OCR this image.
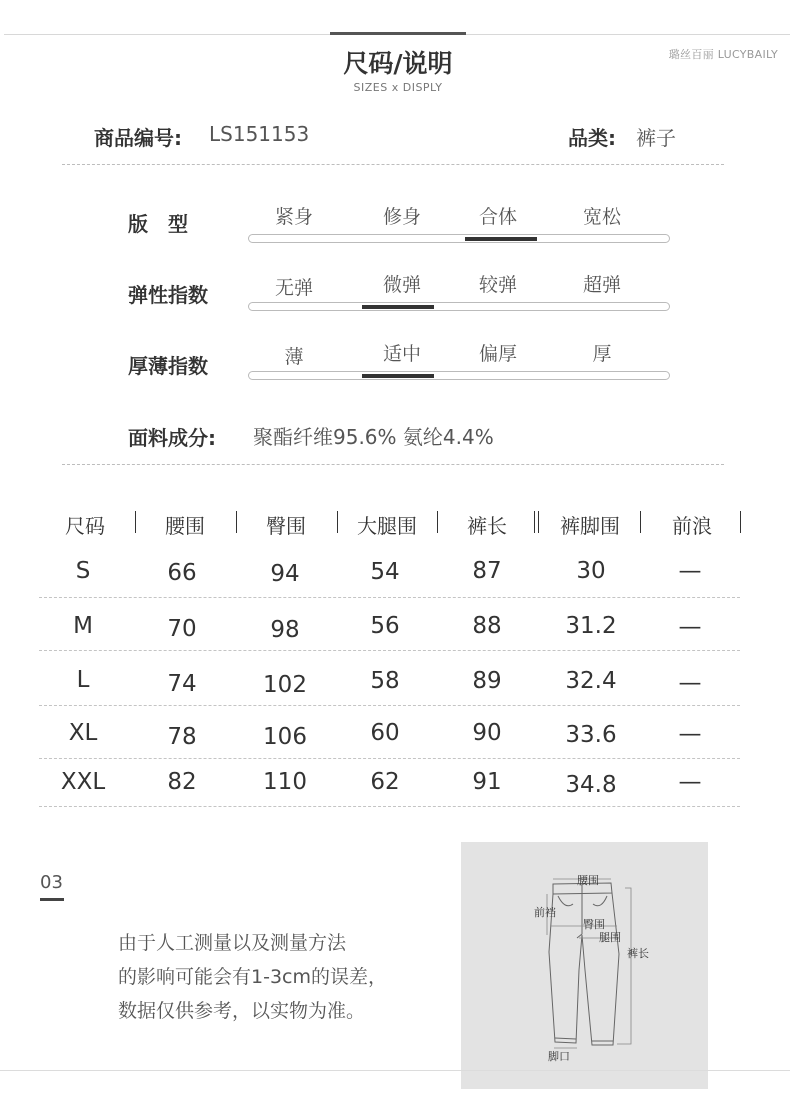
尺码/说明
SIZES x DISPLY
璐丝百丽 LUCYBAILY
商品编号: LS151153	品类: 裤子
版　型	紧身	修身	合体	宽松
弹性指数	无弹	微弹	较弹	超弹
厚薄指数	薄	适中	偏厚	厚
面料成分: 聚酯纤维95.6% 氨纶4.4%
尺码	腰围	臀围	大腿围	裤长	裤脚围	前浪
S	66	94	54	87	30	—
M	70	98	56	88	31.2	—
L	74	102	58	89	32.4	—
XL	78	106	60	90	33.6	—
XXL	82	110	62	91	34.8	—
03
由于人工测量以及测量方法
的影响可能会有1-3cm的误差，
数据仅供参考，以实物为准。
腰围
前裆
臀围
腿围
裤长
脚口
